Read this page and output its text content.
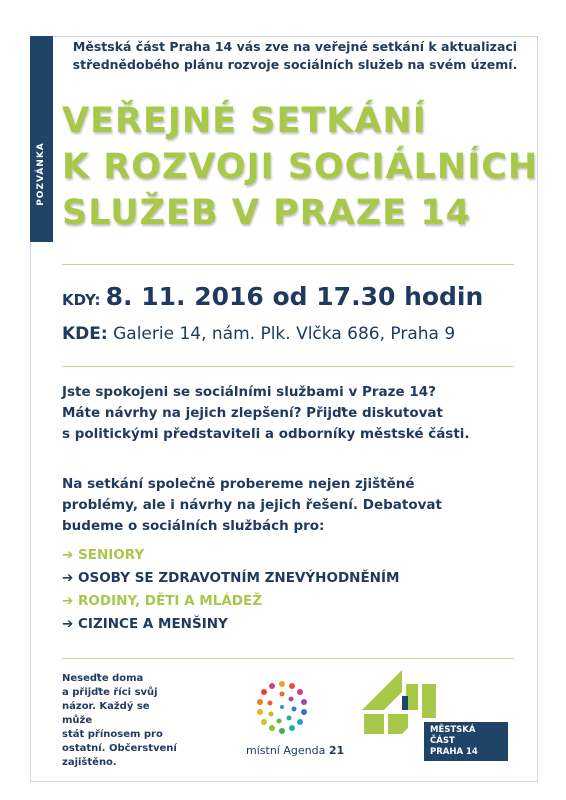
POZVÁNKA
Městská část Praha 14 vás zve na veřejné setkání k aktualizaci
střednědobého plánu rozvoje sociálních služeb na svém území.
VEŘEJNÉ SETKÁNÍ
K ROZVOJI SOCIÁLNÍCH
SLUŽEB V PRAZE 14
KDY: 8. 11. 2016 od 17.30 hodin
KDE: Galerie 14, nám. Plk. Vlčka 686, Praha 9
Jste spokojeni se sociálními službami v Praze 14?
Máte návrhy na jejich zlepšení? Přijďte diskutovat
s politickými představiteli a odborníky městské části.
Na setkání společně probereme nejen zjištěné
problémy, ale i návrhy na jejich řešení. Debatovat
budeme o sociálních službách pro:
➔ SENIORY
➔ OSOBY SE ZDRAVOTNÍM ZNEVÝHODNĚNÍM
➔ RODINY, DĚTI A MLÁDEŽ
➔ CIZINCE A MENŠINY
Neseďte doma
a přijďte říci svůj
názor. Každý se může
stát přínosem pro
ostatní. Občerstvení
zajištěno.
místní Agenda 21
MĚSTSKÁ ČÁST
PRAHA 14
